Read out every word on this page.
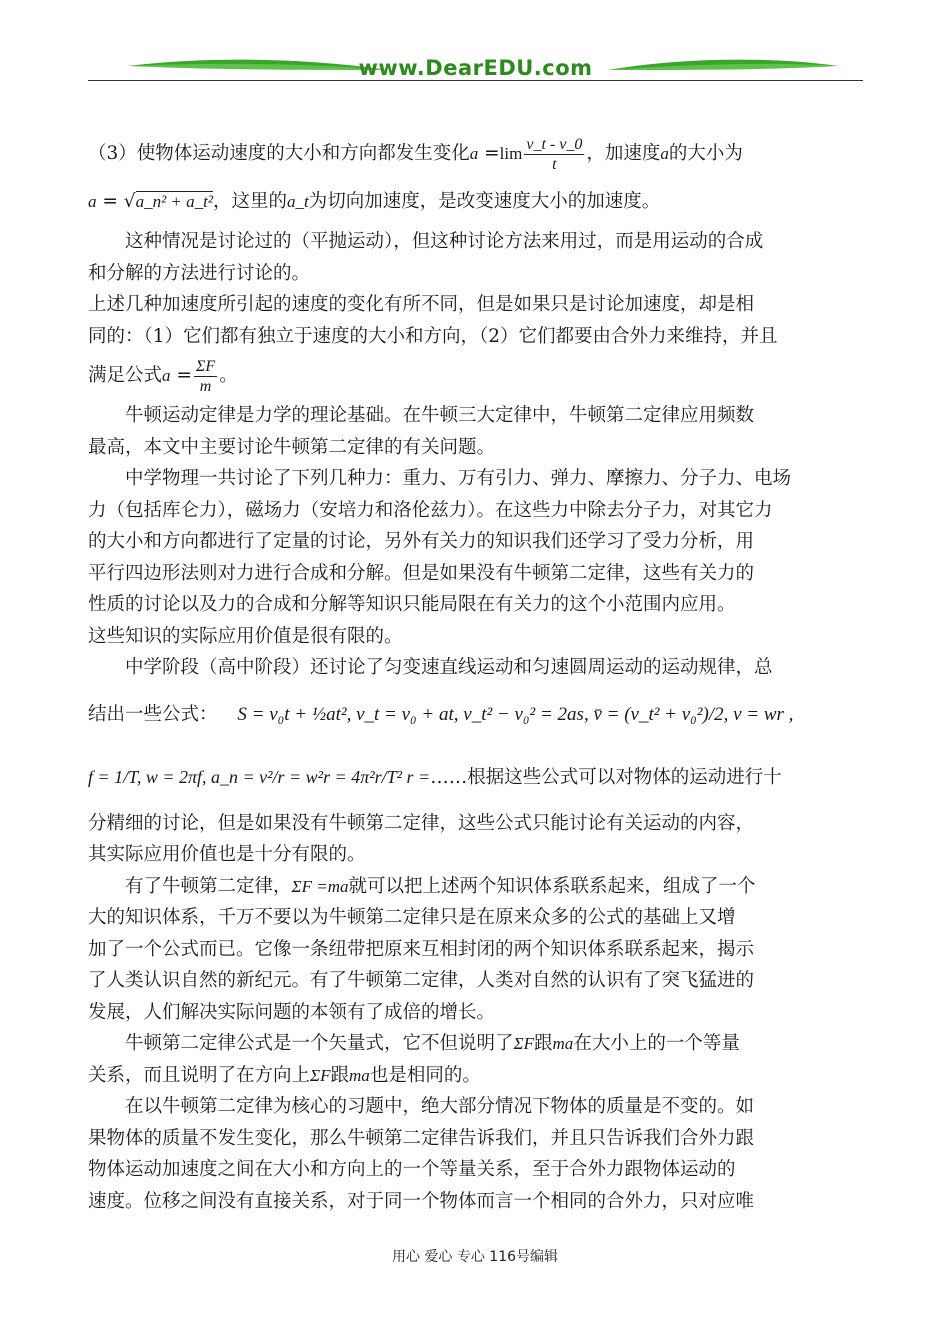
www.DearEDU.com
（3）使物体运动速度的大小和方向都发生变化$a =\lim \frac{v\_t - v\_0}{t}$ ，加速度a的大小为
a = √a_n² + a_t²，这里的a_t为切向加速度，是改变速度大小的加速度。
这种情况是讨论过的（平抛运动），但这种讨论方法来用过，而是用运动的合成
和分解的方法进行讨论的。
上述几种加速度所引起的速度的变化有所不同，但是如果只是讨论加速度，却是相
同的：（1）它们都有独立于速度的大小和方向，（2）它们都要由合外力来维持，并且
满足公式$a = \frac{\Sigma F}{m}$ 。
牛顿运动定律是力学的理论基础。在牛顿三大定律中，牛顿第二定律应用频数
最高，本文中主要讨论牛顿第二定律的有关问题。
中学物理一共讨论了下列几种力：重力、万有引力、弹力、摩擦力、分子力、电场
力（包括库仑力），磁场力（安培力和洛伦兹力）。在这些力中除去分子力，对其它力
的大小和方向都进行了定量的讨论，另外有关力的知识我们还学习了受力分析，用
平行四边形法则对力进行合成和分解。但是如果没有牛顿第二定律，这些有关力的
性质的讨论以及力的合成和分解等知识只能局限在有关力的这个小范围内应用。
这些知识的实际应用价值是很有限的。
中学阶段（高中阶段）还讨论了匀变速直线运动和匀速圆周运动的运动规律，总
结出一些公式： S = v₀t + ½at², v_t = v₀ + at, v_t² − v₀² = 2as, v̄ = (v_t² + v₀²)/2, v = wr ,
f = 1/T, w = 2πf, a_n = v²/r = w²r = 4π²r/T² r =……根据这些公式可以对物体的运动进行十
分精细的讨论，但是如果没有牛顿第二定律，这些公式只能讨论有关运动的内容，
其实际应用价值也是十分有限的。
有了牛顿第二定律，ΣF =ma就可以把上述两个知识体系联系起来，组成了一个
大的知识体系，千万不要以为牛顿第二定律只是在原来众多的公式的基础上又增
加了一个公式而已。它像一条纽带把原来互相封闭的两个知识体系联系起来，揭示
了人类认识自然的新纪元。有了牛顿第二定律，人类对自然的认识有了突飞猛进的
发展，人们解决实际问题的本领有了成倍的增长。
牛顿第二定律公式是一个矢量式，它不但说明了ΣF跟ma在大小上的一个等量
关系，而且说明了在方向上ΣF跟ma也是相同的。
在以牛顿第二定律为核心的习题中，绝大部分情况下物体的质量是不变的。如
果物体的质量不发生变化，那么牛顿第二定律告诉我们，并且只告诉我们合外力跟
物体运动加速度之间在大小和方向上的一个等量关系，至于合外力跟物体运动的
速度。位移之间没有直接关系，对于同一个物体而言一个相同的合外力，只对应唯
用心 爱心 专心 116号编辑
